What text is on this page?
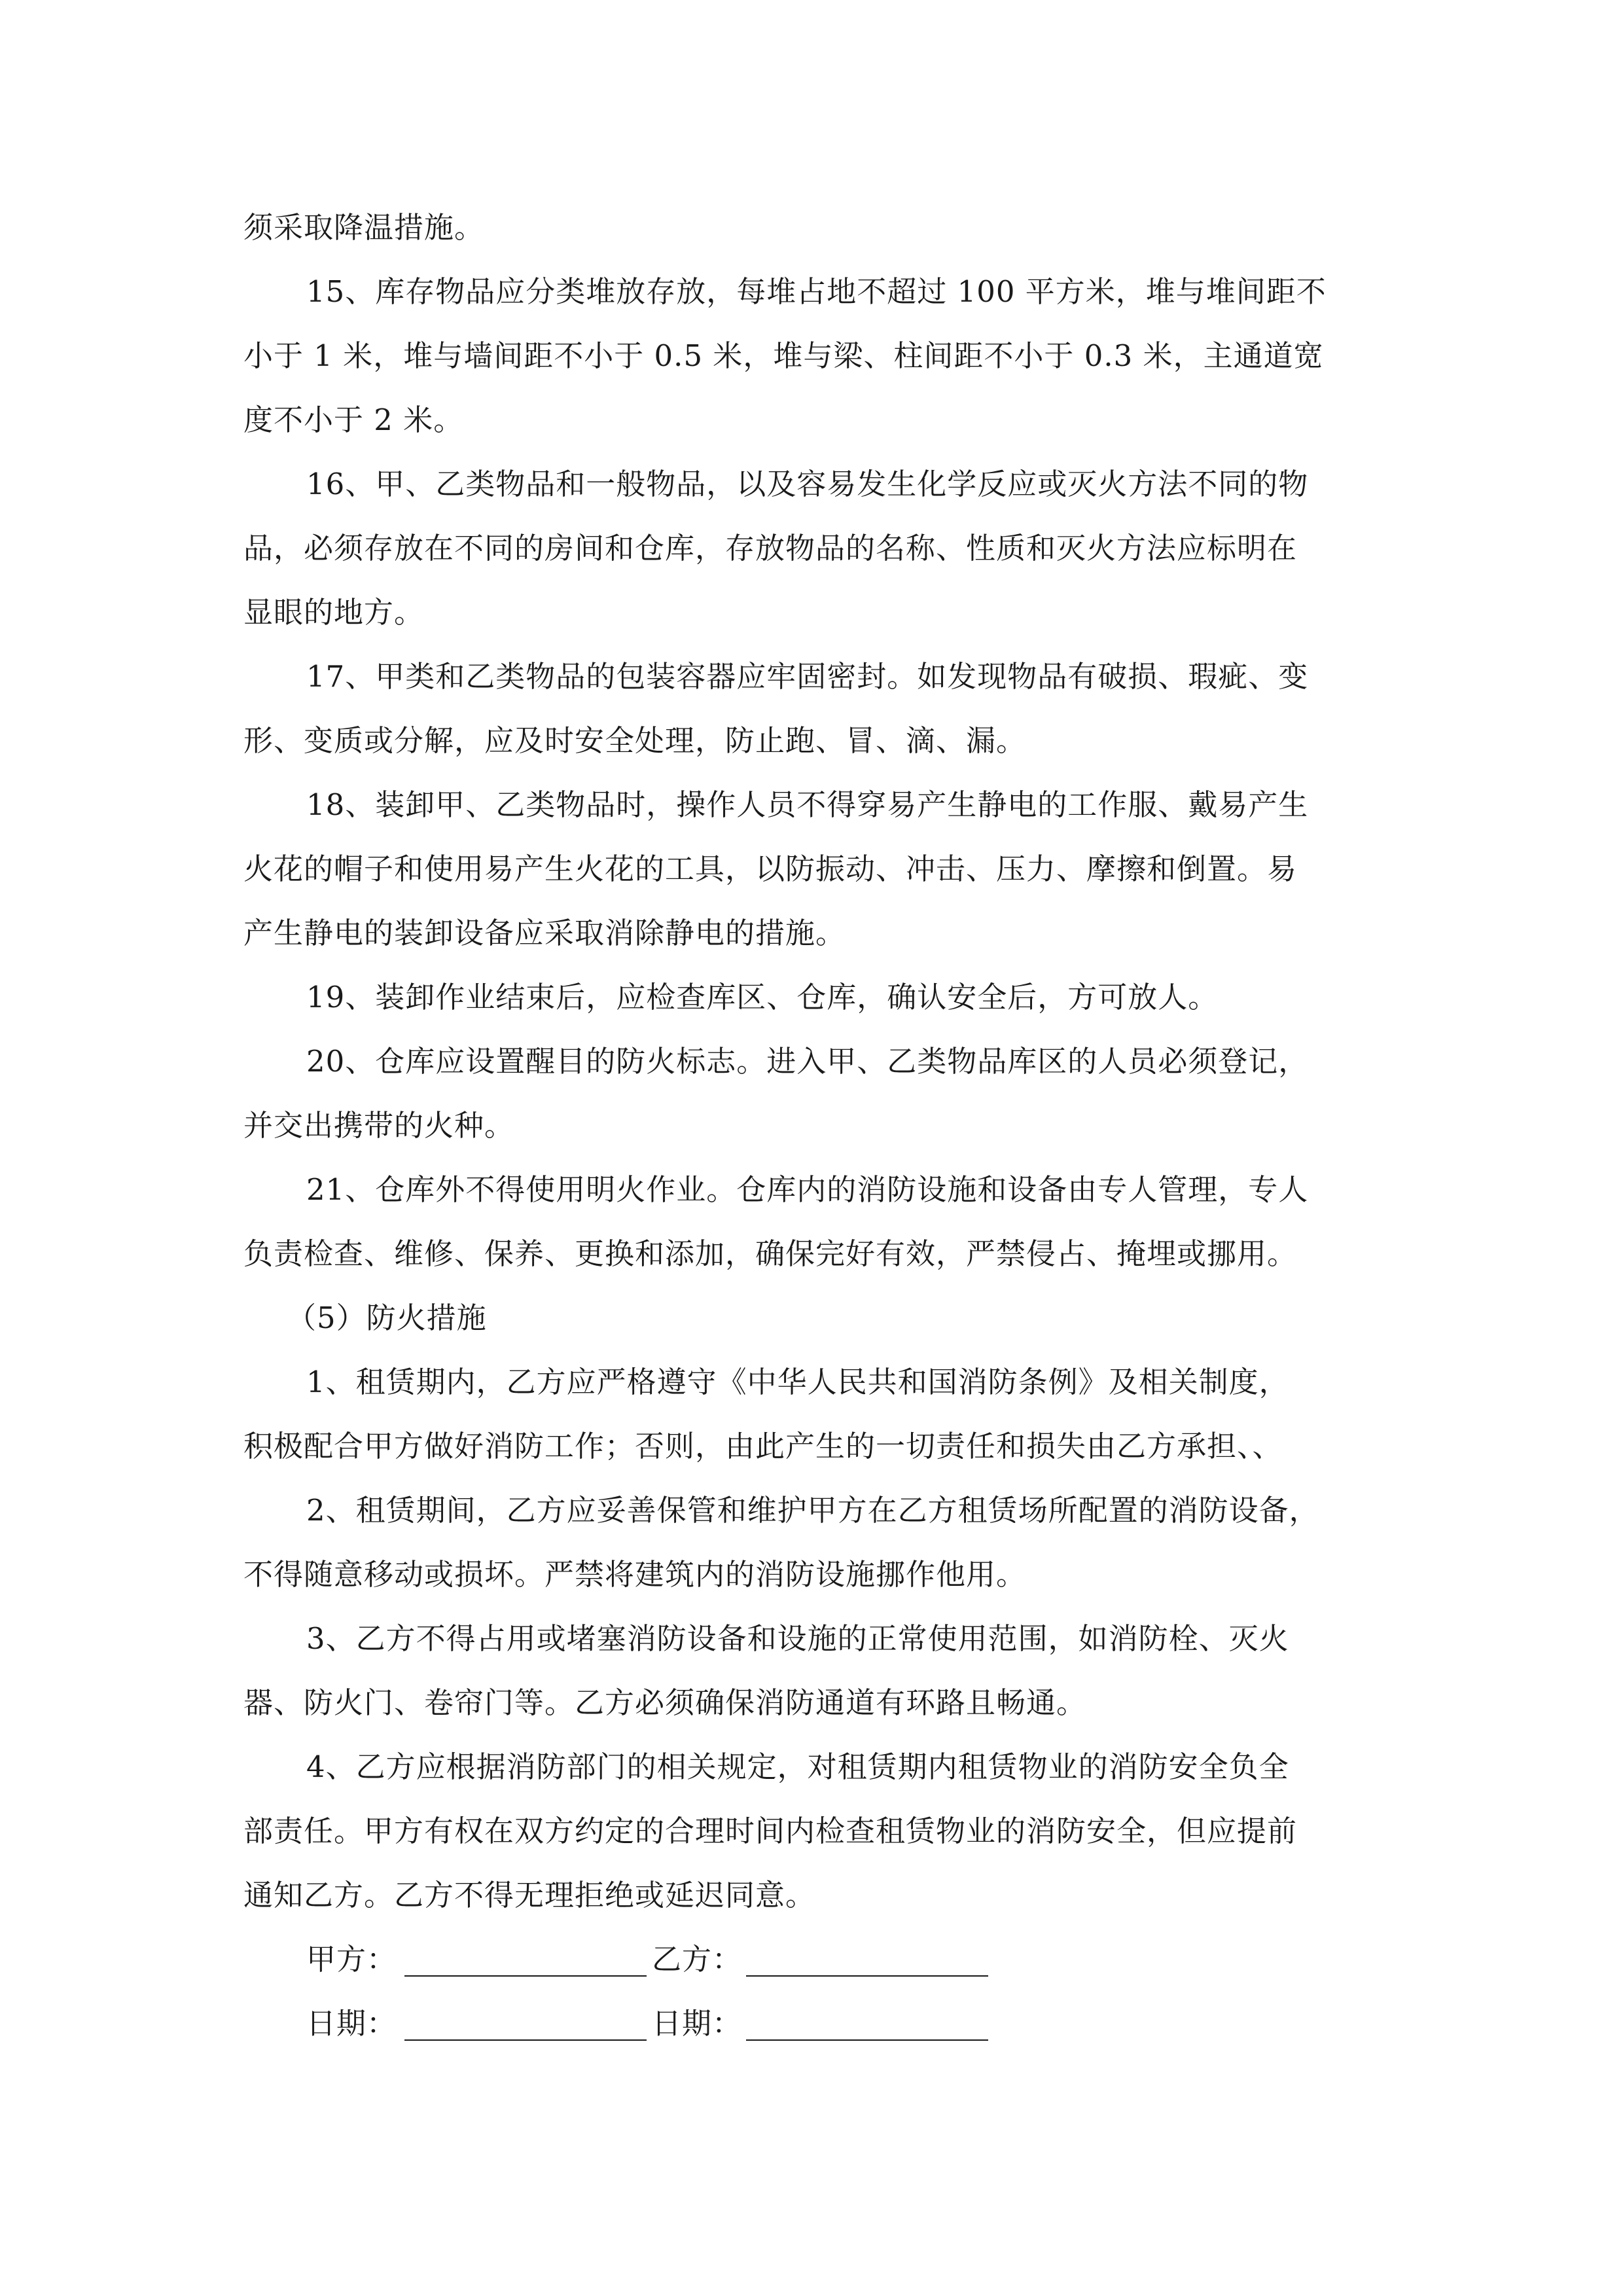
须采取降温措施。
15、库存物品应分类堆放存放，每堆占地不超过 100 平方米，堆与堆间距不
小于 1 米，堆与墙间距不小于 0.5 米，堆与梁、柱间距不小于 0.3 米，主通道宽
度不小于 2 米。
16、甲、乙类物品和一般物品，以及容易发生化学反应或灭火方法不同的物
品，必须存放在不同的房间和仓库，存放物品的名称、性质和灭火方法应标明在
显眼的地方。
17、甲类和乙类物品的包装容器应牢固密封。如发现物品有破损、瑕疵、变
形、变质或分解，应及时安全处理，防止跑、冒、滴、漏。
18、装卸甲、乙类物品时，操作人员不得穿易产生静电的工作服、戴易产生
火花的帽子和使用易产生火花的工具，以防振动、冲击、压力、摩擦和倒置。易
产生静电的装卸设备应采取消除静电的措施。
19、装卸作业结束后，应检查库区、仓库，确认安全后，方可放人。
20、仓库应设置醒目的防火标志。进入甲、乙类物品库区的人员必须登记，
并交出携带的火种。
21、仓库外不得使用明火作业。仓库内的消防设施和设备由专人管理，专人
负责检查、维修、保养、更换和添加，确保完好有效，严禁侵占、掩埋或挪用。
（5）防火措施
1、租赁期内，乙方应严格遵守《中华人民共和国消防条例》及相关制度，
积极配合甲方做好消防工作；否则，由此产生的一切责任和损失由乙方承担、、
2、租赁期间，乙方应妥善保管和维护甲方在乙方租赁场所配置的消防设备，
不得随意移动或损坏。严禁将建筑内的消防设施挪作他用。
3、乙方不得占用或堵塞消防设备和设施的正常使用范围，如消防栓、灭火
器、防火门、卷帘门等。乙方必须确保消防通道有环路且畅通。
4、乙方应根据消防部门的相关规定，对租赁期内租赁物业的消防安全负全
部责任。甲方有权在双方约定的合理时间内检查租赁物业的消防安全，但应提前
通知乙方。乙方不得无理拒绝或延迟同意。
甲方：	乙方：
日期：	日期：
